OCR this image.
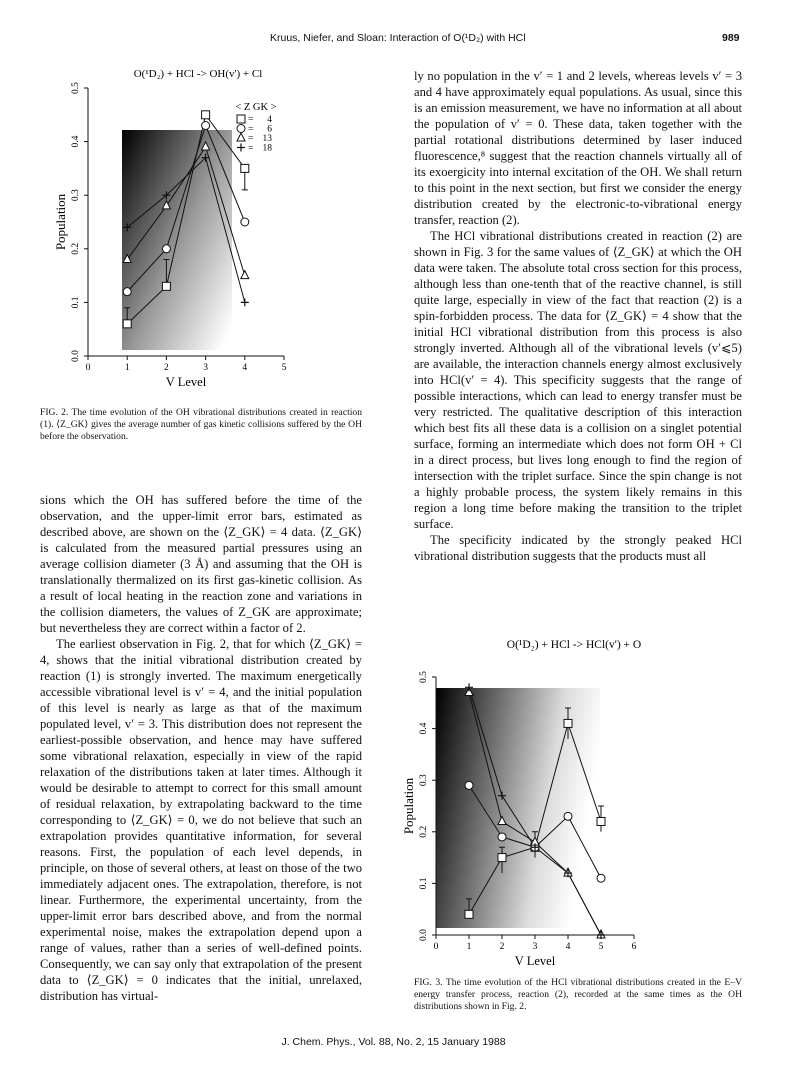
Kruus, Niefer, and Sloan: Interaction of O(¹D₂) with HCl	989
O(¹D₂) + HCl -> OH(v') + Cl
0	1	2	3	4	5
0.0
0.1
0.2
0.3
0.4
0.5
V Level
Population
< Z GK >
= 4
= 6
= 13
= 18
FIG. 2. The time evolution of the OH vibrational distributions created in reaction (1). ⟨Z_GK⟩ gives the average number of gas kinetic collisions suffered by the OH before the observation.

sions which the OH has suffered before the time of the observation, and the upper-limit error bars, estimated as described above, are shown on the ⟨Z_GK⟩ = 4 data. ⟨Z_GK⟩ is calculated from the measured partial pressures using an average collision diameter (3 Å) and assuming that the OH is translationally thermalized on its first gas-kinetic collision. As a result of local heating in the reaction zone and variations in the collision diameters, the values of Z_GK are approximate; but nevertheless they are correct within a factor of 2.

The earliest observation in Fig. 2, that for which ⟨Z_GK⟩ = 4, shows that the initial vibrational distribution created by reaction (1) is strongly inverted. The maximum energetically accessible vibrational level is v′ = 4, and the initial population of this level is nearly as large as that of the maximum populated level, v′ = 3. This distribution does not represent the earliest-possible observation, and hence may have suffered some vibrational relaxation, especially in view of the rapid relaxation of the distributions taken at later times. Although it would be desirable to attempt to correct for this small amount of residual relaxation, by extrapolating backward to the time corresponding to ⟨Z_GK⟩ = 0, we do not believe that such an extrapolation provides quantitative information, for several reasons. First, the population of each level depends, in principle, on those of several others, at least on those of the two immediately adjacent ones. The extrapolation, therefore, is not linear. Furthermore, the experimental uncertainty, from the upper-limit error bars described above, and from the normal experimental noise, makes the extrapolation depend upon a range of values, rather than a series of well-defined points. Consequently, we can say only that extrapolation of the present data to ⟨Z_GK⟩ = 0 indicates that the initial, unrelaxed, distribution has virtual-

ly no population in the v′ = 1 and 2 levels, whereas levels v′ = 3 and 4 have approximately equal populations. As usual, since this is an emission measurement, we have no information at all about the population of v′ = 0. These data, taken together with the partial rotational distributions determined by laser induced fluorescence,⁸ suggest that the reaction channels virtually all of its exoergicity into internal excitation of the OH. We shall return to this point in the next section, but first we consider the energy distribution created by the electronic-to-vibrational energy transfer, reaction (2).

The HCl vibrational distributions created in reaction (2) are shown in Fig. 3 for the same values of ⟨Z_GK⟩ at which the OH data were taken. The absolute total cross section for this process, although less than one-tenth that of the reactive channel, is still quite large, especially in view of the fact that reaction (2) is a spin-forbidden process. The data for ⟨Z_GK⟩ = 4 show that the initial HCl vibrational distribution from this process is also strongly inverted. Although all of the vibrational levels (v′⩽5) are available, the interaction channels energy almost exclusively into HCl(v′ = 4). This specificity suggests that the range of possible interactions, which can lead to energy transfer must be very restricted. The qualitative description of this interaction which best fits all these data is a collision on a singlet potential surface, forming an intermediate which does not form OH + Cl in a direct process, but lives long enough to find the region of intersection with the triplet surface. Since the spin change is not a highly probable process, the system likely remains in this region a long time before making the transition to the triplet surface.

The specificity indicated by the strongly peaked HCl vibrational distribution suggests that the products must all

O(¹D₂) + HCl -> HCl(v') + O
0	1	2	3	4	5	6
0.0
0.1
0.2
0.3
0.4
0.5
V Level
Population
FIG. 3. The time evolution of the HCl vibrational distributions created in the E–V energy transfer process, reaction (2), recorded at the same times as the OH distributions shown in Fig. 2.
J. Chem. Phys., Vol. 88, No. 2, 15 January 1988
